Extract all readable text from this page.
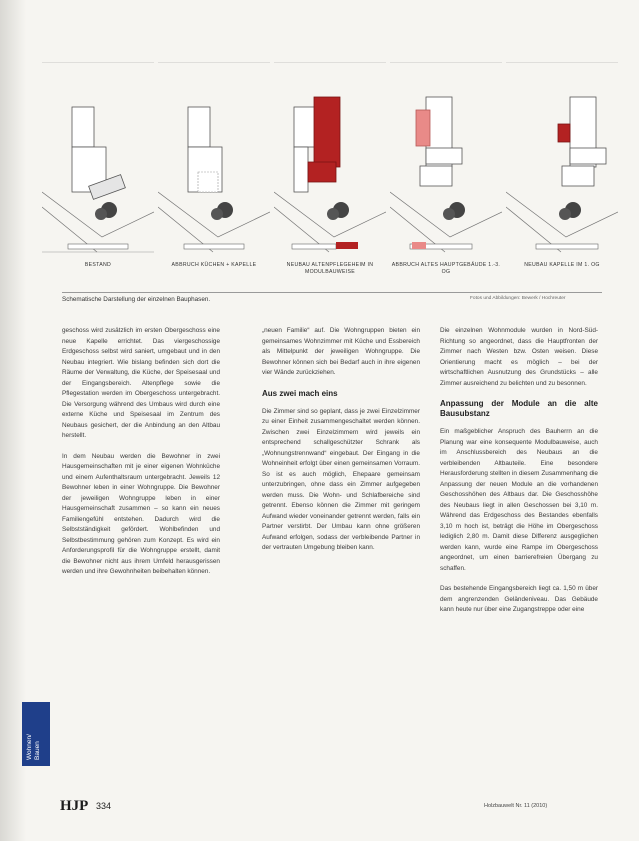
BESTAND	ABBRUCH KÜCHEN + KAPELLE	NEUBAU ALTENPFLEGEHEIM IN MODULBAUWEISE
ABBRUCH ALTES HAUPTGEBÄUDE 1.-3. OG
NEUBAU KAPELLE IM 1. OG
Schematische Darstellung der einzelnen Bauphasen.	Fotos und Abbildungen: Bewerk / Hochreuter

geschoss wird zusätzlich im ersten Obergeschoss eine neue Kapelle errichtet. Das viergeschossige Erdgeschoss selbst wird saniert, umgebaut und in den Neubau integriert. Wie bislang befinden sich dort die Räume der Verwaltung, die Küche, der Speisesaal und der Eingangsbereich. Altenpflege sowie die Pflegestation werden im Obergeschoss untergebracht. Die Versorgung während des Umbaus wird durch eine externe Küche und Speisesaal im Zentrum des Neubaus gesichert, der die Anbindung an den Altbau herstellt.

In dem Neubau werden die Bewohner in zwei Hausgemeinschaften mit je einer eigenen Wohnküche und einem Aufenthaltsraum untergebracht. Jeweils 12 Bewohner leben in einer Wohngruppe. Die Bewohner der jeweiligen Wohngruppe leben in einer Hausgemeinschaft zusammen – so kann ein neues Familiengefühl entstehen. Dadurch wird die Selbstständigkeit gefördert. Wohlbefinden und Selbstbestimmung gehören zum Konzept. Es wird ein Anforderungsprofil für die Wohngruppe erstellt, damit die Bewohner nicht aus ihrem Umfeld herausgerissen werden und ihre Gewohnheiten beibehalten können.

„neuen Familie“ auf. Die Wohngruppen bieten ein gemeinsames Wohnzimmer mit Küche und Essbereich als Mittelpunkt der jeweiligen Wohngruppe. Die Bewohner können sich bei Bedarf auch in ihre eigenen vier Wände zurückziehen.

Aus zwei mach eins

Die Zimmer sind so geplant, dass je zwei Einzelzimmer zu einer Einheit zusammengeschaltet werden können. Zwischen zwei Einzelzimmern wird jeweils ein entsprechend schallgeschützter Schrank als „Wohnungstrennwand“ eingebaut. Der Eingang in die Wohneinheit erfolgt über einen gemeinsamen Vorraum. So ist es auch möglich, Ehepaare gemeinsam unterzubringen, ohne dass ein Zimmer aufgegeben werden muss. Die Wohn- und Schlafbereiche sind getrennt. Ebenso können die Zimmer mit geringem Aufwand wieder voneinander getrennt werden, falls ein Partner verstirbt. Der Umbau kann ohne größeren Aufwand erfolgen, sodass der verbleibende Partner in der vertrauten Umgebung bleiben kann.

Die einzelnen Wohnmodule wurden in Nord-Süd-Richtung so angeordnet, dass die Hauptfronten der Zimmer nach Westen bzw. Osten weisen. Diese Orientierung macht es möglich – bei der wirtschaftlichen Ausnutzung des Grundstücks – alle Zimmer ausreichend zu belichten und zu besonnen.

Anpassung der Module an die alte Bausubstanz

Ein maßgeblicher Anspruch des Bauherrn an die Planung war eine konsequente Modulbauweise, auch im Anschlussbereich des Neubaus an die verbleibenden Altbauteile. Eine besondere Herausforderung stellten in diesem Zusammenhang die Anpassung der neuen Module an die vorhandenen Geschosshöhen des Altbaus dar. Die Geschosshöhe des Neubaus liegt in allen Geschossen bei 3,10 m. Während das Erdgeschoss des Bestandes ebenfalls 3,10 m hoch ist, beträgt die Höhe im Obergeschoss lediglich 2,80 m. Damit diese Differenz ausgeglichen werden kann, wurde eine Rampe im Obergeschoss angeordnet, um einen barrierefreien Übergang zu schaffen.

Das bestehende Eingangsbereich liegt ca. 1,50 m über dem angrenzenden Geländeniveau. Das Gebäude kann heute nur über eine Zugangstreppe oder eine

Wohnen/
Bauen
HJP 334	Holzbauwelt Nr. 11 (2010)
